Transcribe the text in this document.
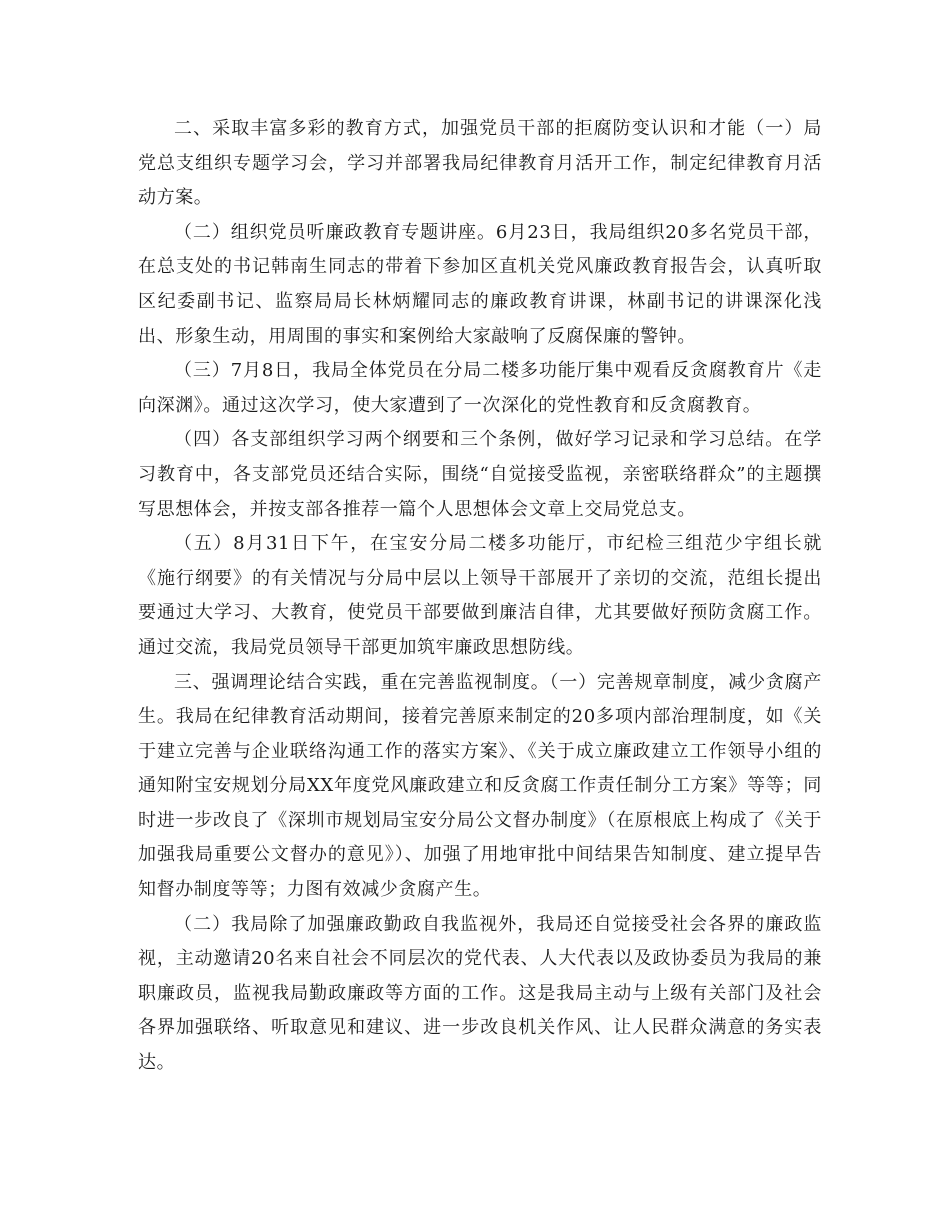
二、采取丰富多彩的教育方式，加强党员干部的拒腐防变认识和才能（一）局党总支组织专题学习会，学习并部署我局纪律教育月活开工作，制定纪律教育月活动方案。

（二）组织党员听廉政教育专题讲座。6月23日，我局组织20多名党员干部，在总支处的书记韩南生同志的带着下参加区直机关党风廉政教育报告会，认真听取区纪委副书记、监察局局长林炳耀同志的廉政教育讲课，林副书记的讲课深化浅出、形象生动，用周围的事实和案例给大家敲响了反腐保廉的警钟。

（三）7月8日，我局全体党员在分局二楼多功能厅集中观看反贪腐教育片《走向深渊》。通过这次学习，使大家遭到了一次深化的党性教育和反贪腐教育。

（四）各支部组织学习两个纲要和三个条例，做好学习记录和学习总结。在学习教育中，各支部党员还结合实际，围绕“自觉接受监视，亲密联络群众”的主题撰写思想体会，并按支部各推荐一篇个人思想体会文章上交局党总支。

（五）8月31日下午，在宝安分局二楼多功能厅，市纪检三组范少宇组长就《施行纲要》的有关情况与分局中层以上领导干部展开了亲切的交流，范组长提出要通过大学习、大教育，使党员干部要做到廉洁自律，尤其要做好预防贪腐工作。通过交流，我局党员领导干部更加筑牢廉政思想防线。

三、强调理论结合实践，重在完善监视制度。（一）完善规章制度，减少贪腐产生。我局在纪律教育活动期间，接着完善原来制定的20多项内部治理制度，如《关于建立完善与企业联络沟通工作的落实方案》、《关于成立廉政建立工作领导小组的通知附宝安规划分局XX年度党风廉政建立和反贪腐工作责任制分工方案》等等；同时进一步改良了《深圳市规划局宝安分局公文督办制度》（在原根底上构成了《关于加强我局重要公文督办的意见》）、加强了用地审批中间结果告知制度、建立提早告知督办制度等等；力图有效减少贪腐产生。

（二）我局除了加强廉政勤政自我监视外，我局还自觉接受社会各界的廉政监视，主动邀请20名来自社会不同层次的党代表、人大代表以及政协委员为我局的兼职廉政员，监视我局勤政廉政等方面的工作。这是我局主动与上级有关部门及社会各界加强联络、听取意见和建议、进一步改良机关作风、让人民群众满意的务实表达。
